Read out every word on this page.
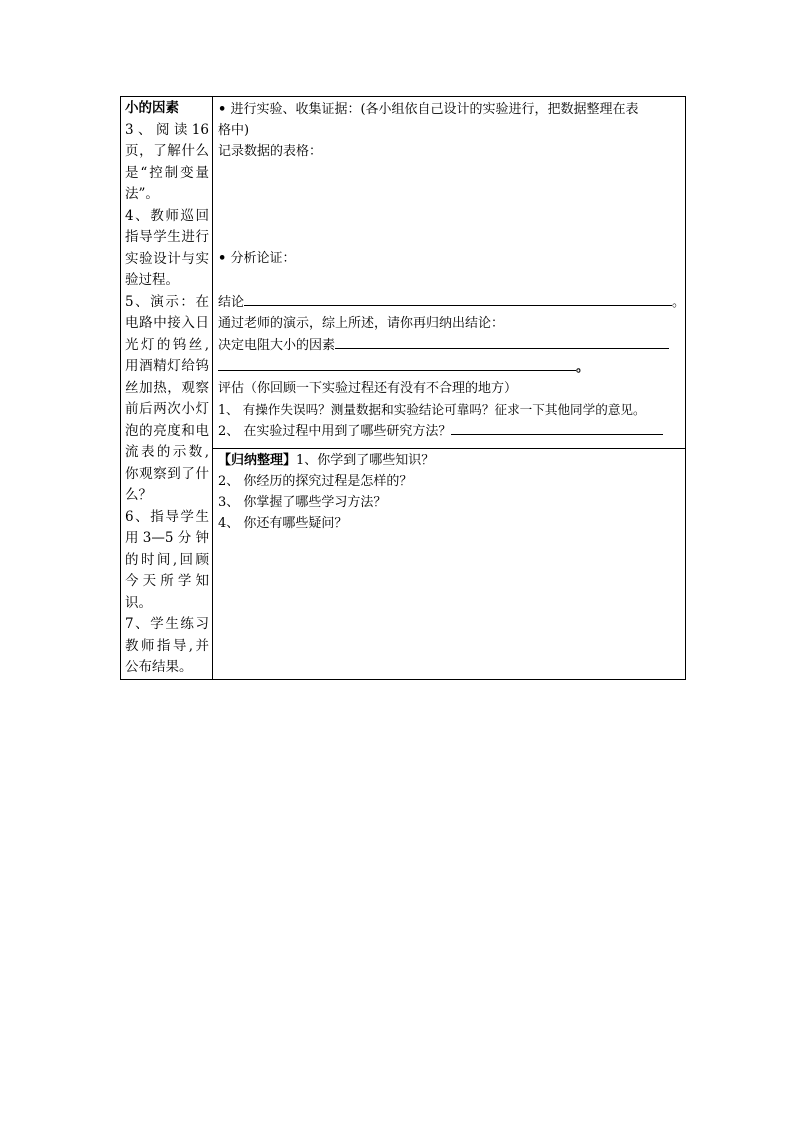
小的因素
3、阅读16页，了解什么是“控制变量法”。
4、教师巡回指导学生进行实验设计与实验过程。
5、演示：在电路中接入日光灯的钨丝,用酒精灯给钨丝加热，观察前后两次小灯泡的亮度和电流表的示数,你观察到了什么？
6、指导学生用3—5分钟的时间,回顾今天所学知识。
7、学生练习教师指导,并公布结果。

• 进行实验、收集证据：(各小组依自己设计的实验进行，把数据整理在表
格中)
记录数据的表格：
• 分析论证：
结论	。
通过老师的演示，综上所述，请你再归纳出结论：
决定电阻大小的因素
。
评估（你回顾一下实验过程还有没有不合理的地方）
1、 有操作失误吗？测量数据和实验结论可靠吗？征求一下其他同学的意见。
2、 在实验过程中用到了哪些研究方法？

【归纳整理】1、你学到了哪些知识？
2、 你经历的探究过程是怎样的？
3、 你掌握了哪些学习方法？
4、 你还有哪些疑问？
